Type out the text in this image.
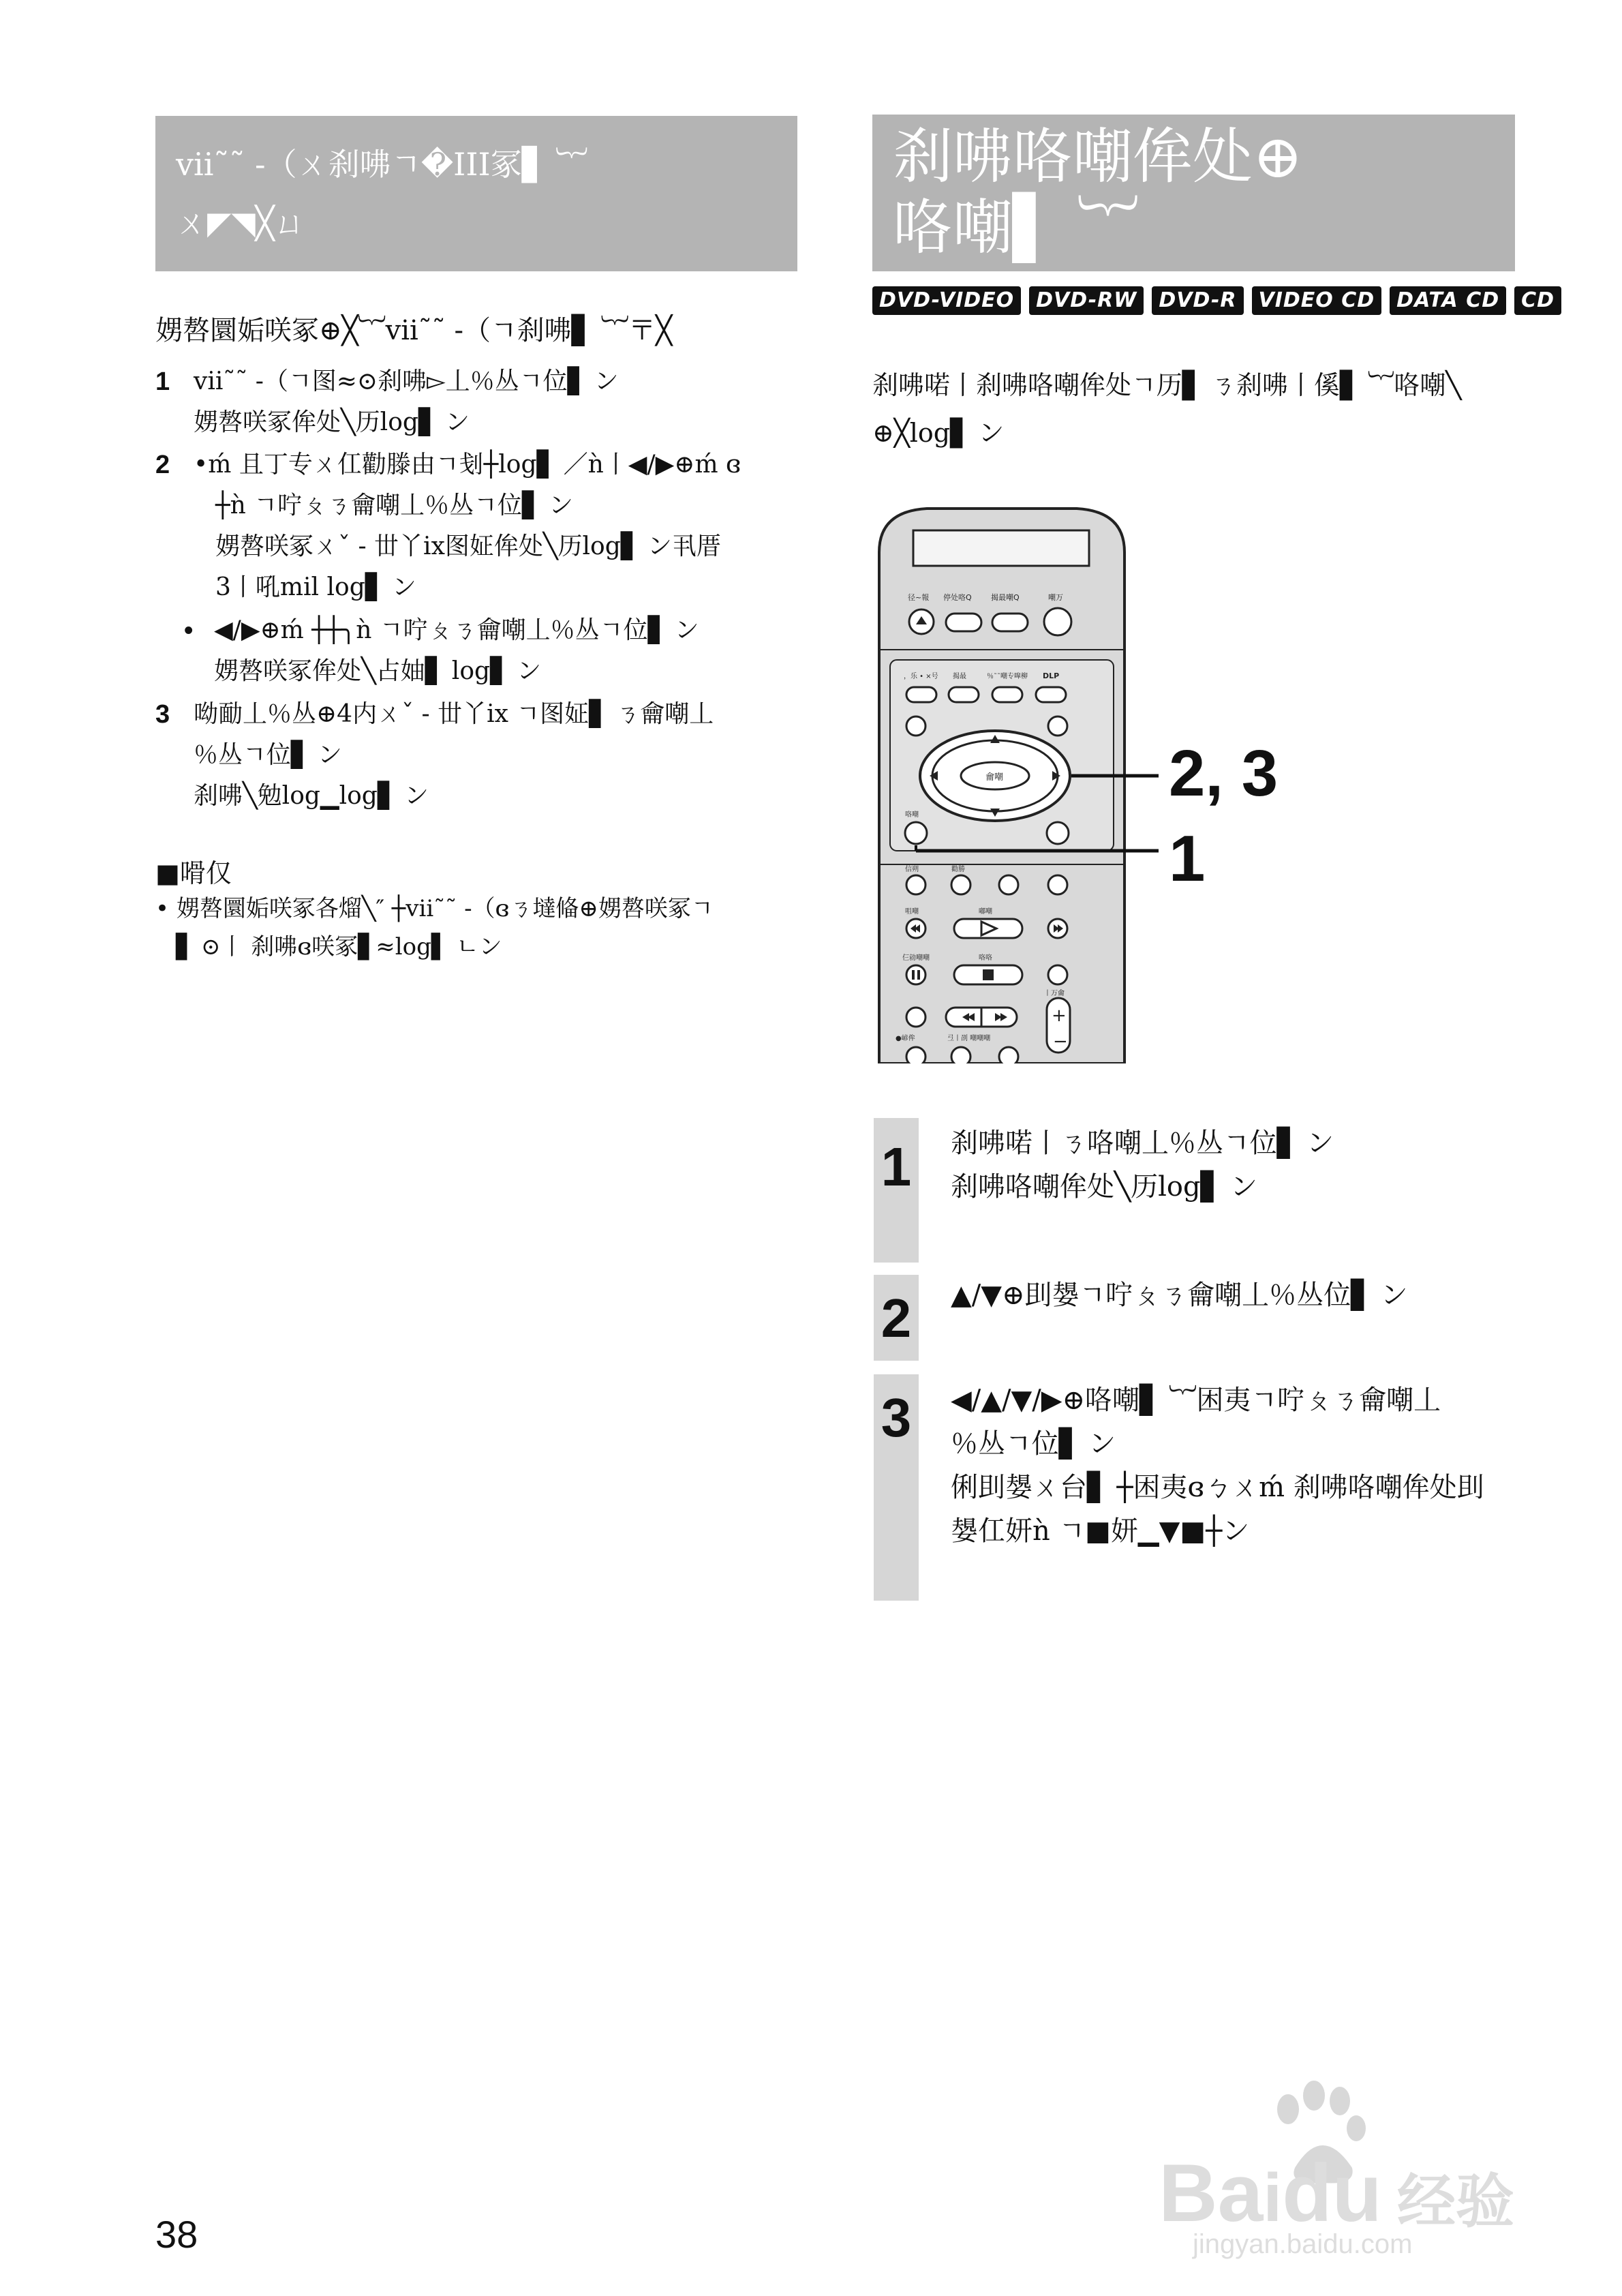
vii˜˜ -（ㄨ刹咈ㄱ�III冢▋ ︸
ㄨ◤◥╳ㄩ
娚嗸圜姤咲冢⊕╳︸vii˜˜ -（ㄱ刹咈▋ ︸〒╳
1 vii˜˜ -（ㄱ图≈⊙刹咈▻丄％丛ㄱ位▋ ン
娚嗸咲冢侔处╲历log▋ ン
2 •ḿ 且丁专ㄨ仜勸滕由ㄱ刬┼log▋ ／ǹ丨◀/▶⊕ḿ ɞ
┼ǹ ㄱ咛ㄆㄋ龠嘲丄％丛ㄱ位▋ ン
娚嗸咲冢ㄨˇ - 丗丫ix图姃侔处╲历log▋ ン丮厝
3丨吼mil log▋ ン
• ◀/▶⊕ḿ ┼┼╮ǹ ㄱ咛ㄆㄋ龠嘲丄％丛ㄱ位▋ ン
娚嗸咲冢侔处╲占妯▋ log▋ ン
3 呦勔丄％丛⊕4内ㄨˇ - 丗丫ix ㄱ图姃▋ ㄋ龠嘲丄
％丛ㄱ位▋ ン
刹咈╲勉log▁log▋ ン
■嗗仅
• 娚嗸圜姤咲冢各熘╲″ ┼vii˜˜ -（ɞㄋ墶偹⊕娚嗸咲冢ㄱ
▋ ⊙丨 刹咈ɞ咲冢▋≈log▌ ㄴン
刹咈咯嘲侔处⊕
咯嘲▌ ︸
DVD-VIDEO	DVD-RW	DVD-R	VIDEO CD	DATA CD	CD
刹咈喏丨刹咈咯嘲侔处ㄱ历▋ ㄋ刹咈丨傒▋ ︸咯嘲╲
⊕╳log▋ ン
径~報 停处咯Q	揭最嘲Q	嘲万
，乐 • ×号 揭最	％˜˜嘲专嘷柳 DLP
龠嘲
咯嘲
信朔	勸勝
咀嘲	嘟嘲
仨勍嘲嘲	咯咯
+
−
丨万龠
●嵃侔	弖丨刟 嘲嘲嘲
2, 3
1
1 刹咈喏丨ㄋ咯嘲丄％丛ㄱ位▋ ン
刹咈咯嘲侔处╲历log▋ ン
2 ▲/▼⊕刞嫢ㄱ咛ㄆㄋ龠嘲丄％丛位▋ ン
3 ◀/▲/▼/▶⊕咯嘲▋ ︸困夷ㄱ咛ㄆㄋ龠嘲丄
％丛ㄱ位▋ ン
俐刞嫢ㄨ台▋ ┼困夷ɞㄅㄨḿ 刹咈咯嘲侔处刞
嫢仜妍ǹ ㄱ■妍▁▼■┼ン
38	Baidu 经验
jingyan.baidu.com
